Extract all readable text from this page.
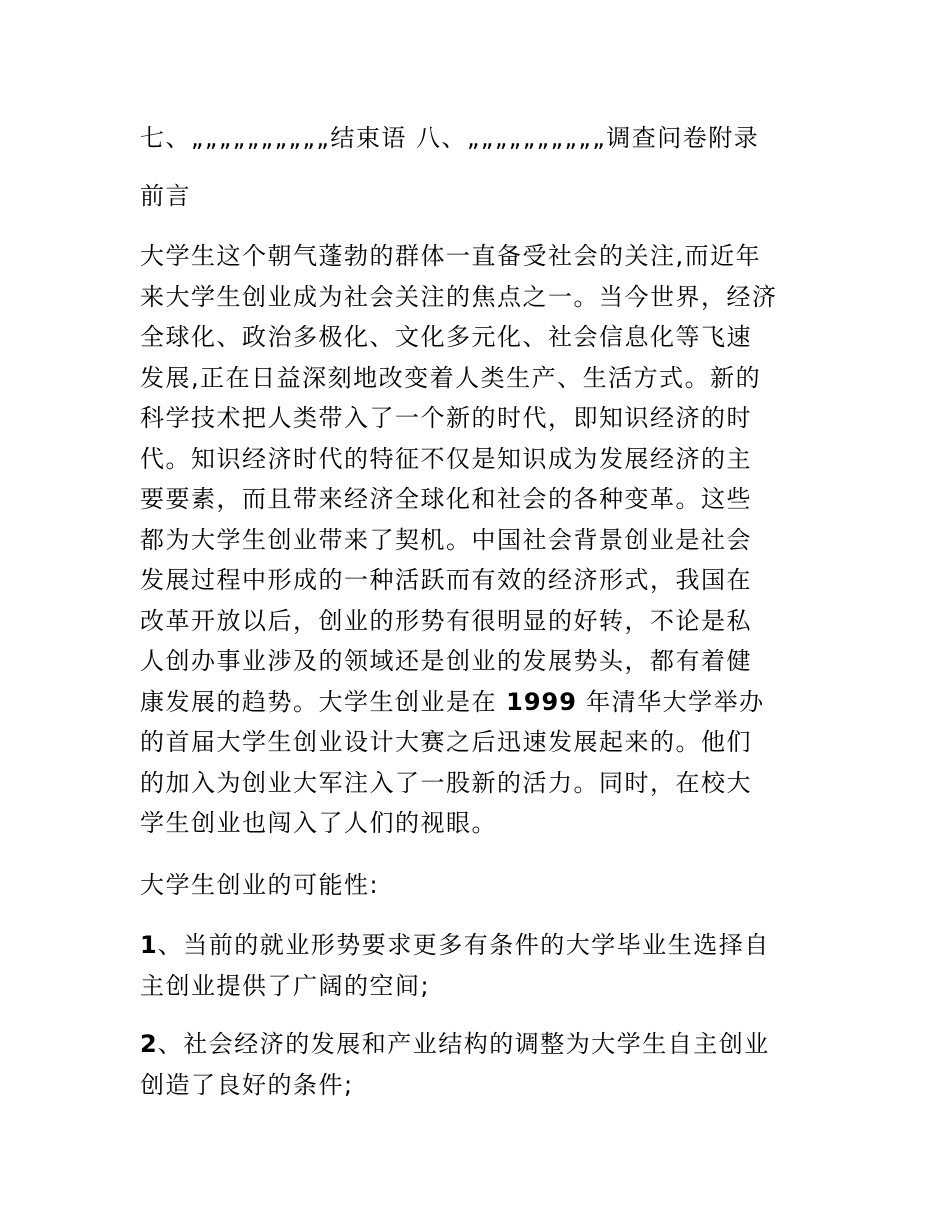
七、„„„„„„„„„„结束语 八、„„„„„„„„„„调查问卷附录
前言
大学生这个朝气蓬勃的群体一直备受社会的关注,而近年
来大学生创业成为社会关注的焦点之一。当今世界，经济
全球化、政治多极化、文化多元化、社会信息化等飞速
发展,正在日益深刻地改变着人类生产、生活方式。新的
科学技术把人类带入了一个新的时代，即知识经济的时
代。知识经济时代的特征不仅是知识成为发展经济的主
要要素，而且带来经济全球化和社会的各种变革。这些
都为大学生创业带来了契机。中国社会背景创业是社会
发展过程中形成的一种活跃而有效的经济形式，我国在
改革开放以后，创业的形势有很明显的好转，不论是私
人创办事业涉及的领域还是创业的发展势头，都有着健
康发展的趋势。大学生创业是在 1999 年清华大学举办
的首届大学生创业设计大赛之后迅速发展起来的。他们
的加入为创业大军注入了一股新的活力。同时，在校大
学生创业也闯入了人们的视眼。
大学生创业的可能性:
1、当前的就业形势要求更多有条件的大学毕业生选择自
主创业提供了广阔的空间;
2、社会经济的发展和产业结构的调整为大学生自主创业
创造了良好的条件;
